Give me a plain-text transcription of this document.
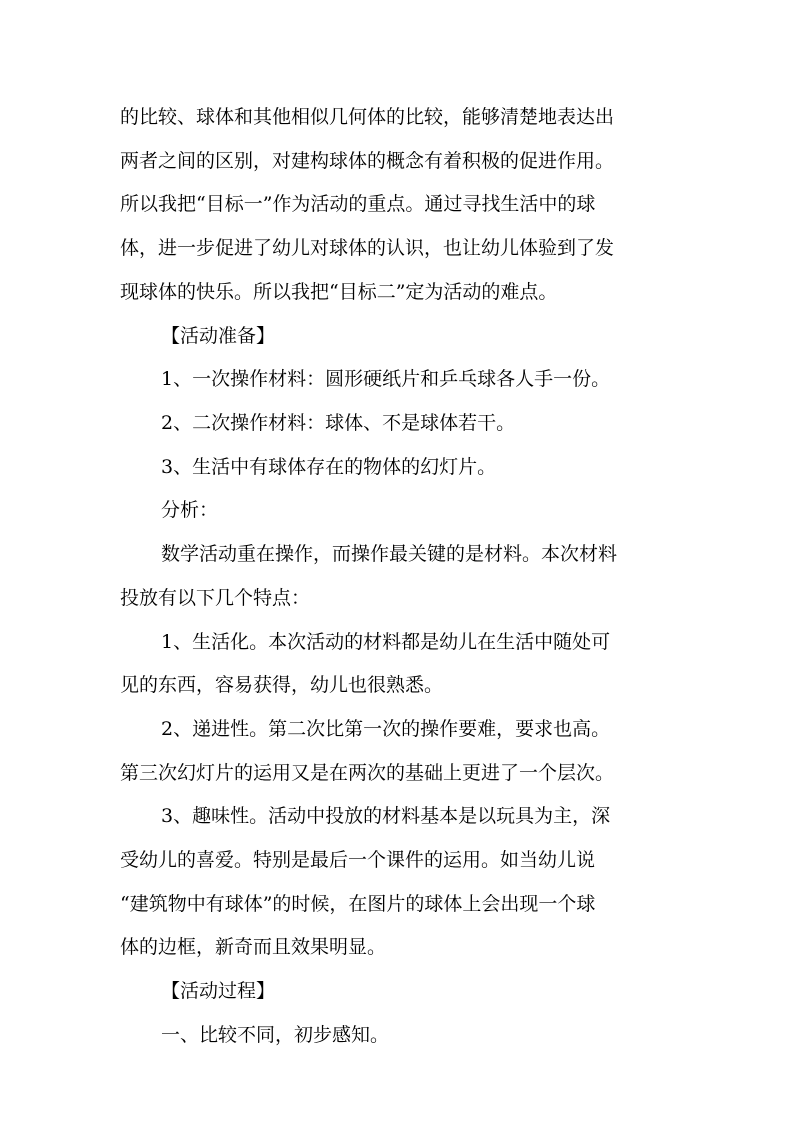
的比较、球体和其他相似几何体的比较，能够清楚地表达出
两者之间的区别，对建构球体的概念有着积极的促进作用。
所以我把“目标一”作为活动的重点。通过寻找生活中的球
体，进一步促进了幼儿对球体的认识，也让幼儿体验到了发
现球体的快乐。所以我把“目标二”定为活动的难点。
【活动准备】
1、一次操作材料：圆形硬纸片和乒乓球各人手一份。
2、二次操作材料：球体、不是球体若干。
3、生活中有球体存在的物体的幻灯片。
分析：
数学活动重在操作，而操作最关键的是材料。本次材料
投放有以下几个特点：
1、生活化。本次活动的材料都是幼儿在生活中随处可
见的东西，容易获得，幼儿也很熟悉。
2、递进性。第二次比第一次的操作要难，要求也高。
第三次幻灯片的运用又是在两次的基础上更进了一个层次。
3、趣味性。活动中投放的材料基本是以玩具为主，深
受幼儿的喜爱。特别是最后一个课件的运用。如当幼儿说
“建筑物中有球体”的时候，在图片的球体上会出现一个球
体的边框，新奇而且效果明显。
【活动过程】
一、比较不同，初步感知。
